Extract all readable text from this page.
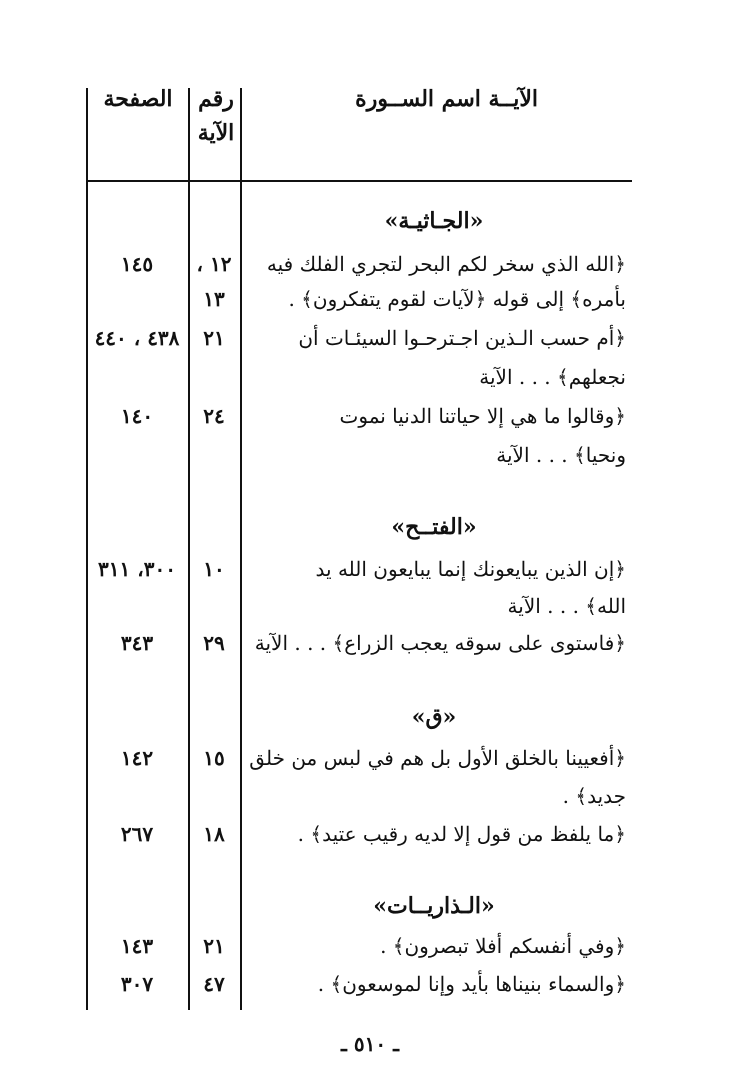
الآيــة اسم الســورة
رقم
الآية
الصفحة
«الجـاثيـة»
﴿الله الذي سخر لكم البحر لتجري الفلك فيه
١٢ ،
١٤٥
بأمره﴾ إلى قوله ﴿لآيات لقوم يتفكرون﴾ .
١٣
﴿أم حسب الـذين اجـترحـوا السيئـات أن
٢١
٤٣٨ ، ٤٤٠
نجعلهم﴾ . . . الآية
﴿وقالوا ما هي إلا حياتنا الدنيا نموت
٢٤
١٤٠
ونحيا﴾ . . . الآية
«الفتــح»
﴿إن الذين يبايعونك إنما يبايعون الله يد
١٠
٣٠٠، ٣١١
الله﴾ . . . الآية
﴿فاستوى على سوقه يعجب الزراع﴾ . . . الآية
٢٩
٣٤٣
«ق»
﴿أفعيينا بالخلق الأول بل هم في لبس من خلق
١٥
١٤٢
جديد﴾ .
﴿ما يلفظ من قول إلا لديه رقيب عتيد﴾ .
١٨
٢٦٧
«الـذاريــات»
﴿وفي أنفسكم أفلا تبصرون﴾ .
٢١
١٤٣
﴿والسماء بنيناها بأيد وإنا لموسعون﴾ .
٤٧
٣٠٧
ـ ٥١٠ ـ
